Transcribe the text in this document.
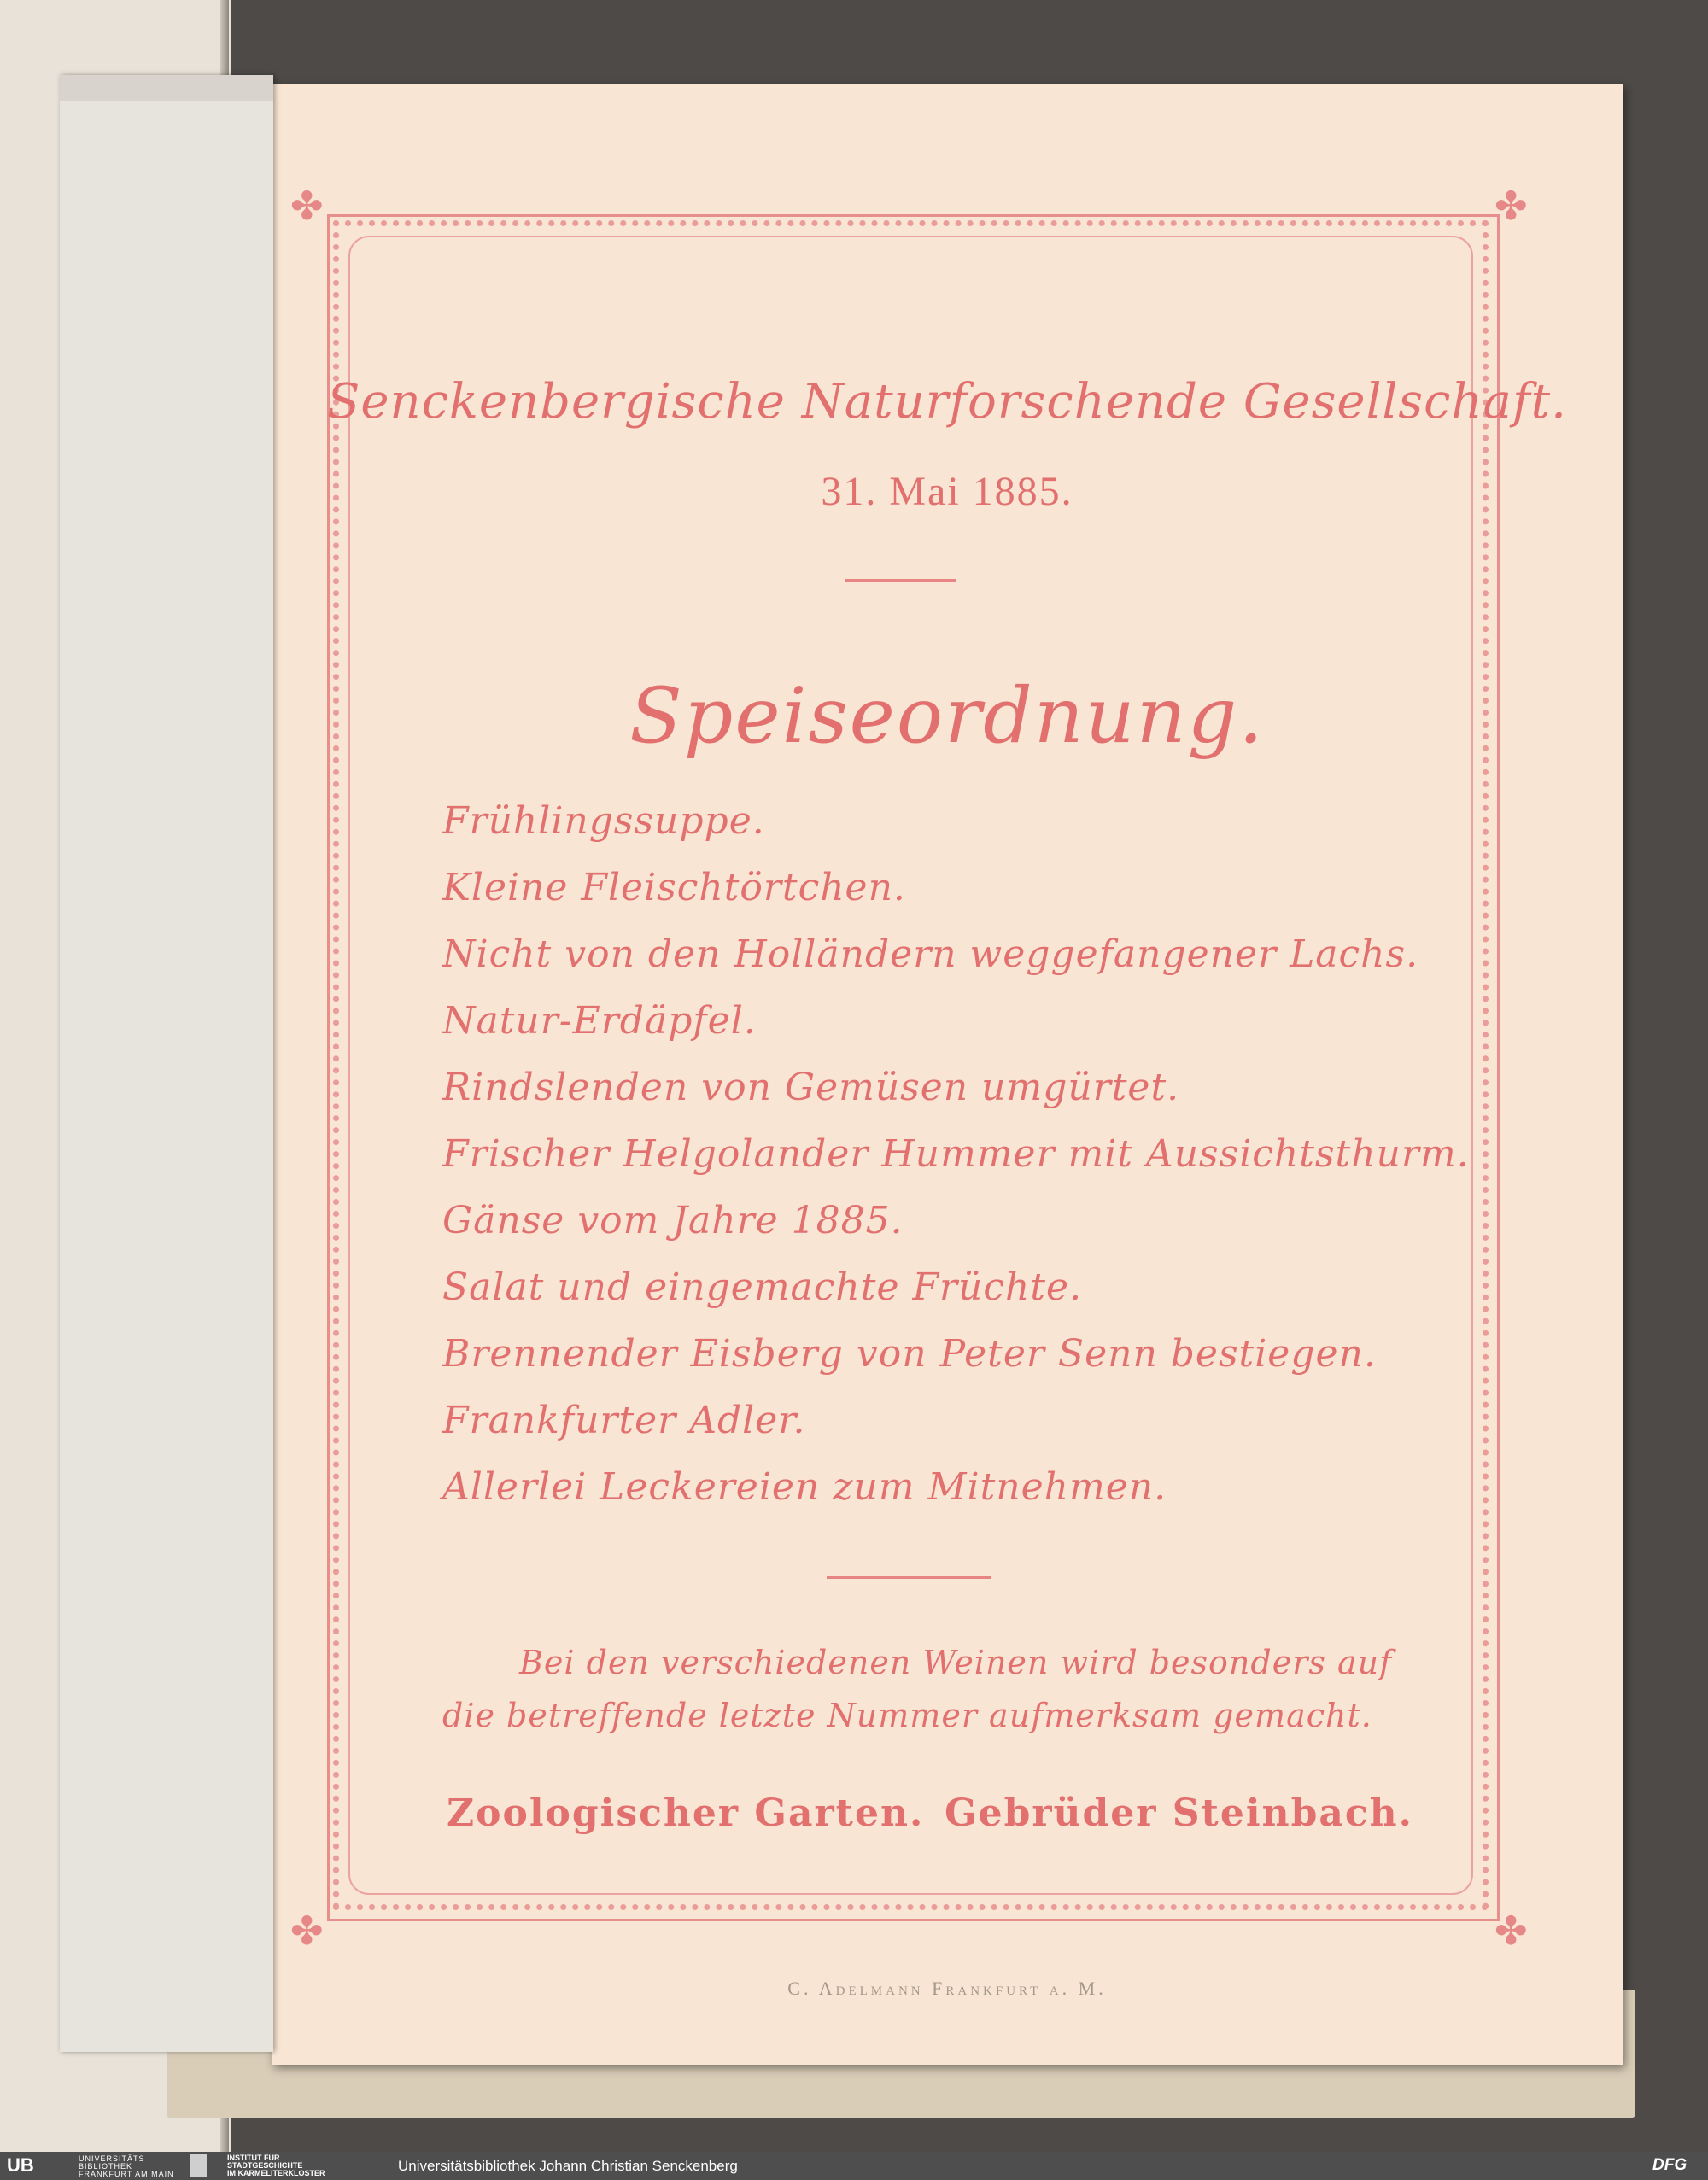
✤	✤
✤	✤
Senckenbergische Naturforschende Gesellschaft.
31. Mai 1885.
Speiseordnung.
Frühlingssuppe.
Kleine Fleischtörtchen.
Nicht von den Holländern weggefangener Lachs.
Natur-Erdäpfel.
Rindslenden von Gemüsen umgürtet.
Frischer Helgolander Hummer mit Aussichtsthurm.
Gänse vom Jahre 1885.
Salat und eingemachte Früchte.
Brennender Eisberg von Peter Senn bestiegen.
Frankfurter Adler.
Allerlei Leckereien zum Mitnehmen.
Bei den verschiedenen Weinen wird besonders auf
die betreffende letzte Nummer aufmerksam gemacht.
Zoologischer Garten. Gebrüder Steinbach.
C. Adelmann Frankfurt a. M.
UB	UNIVERSITÄTS
BIBLIOTHEK
FRANKFURT AM MAIN
INSTITUT FÜR
STADTGESCHICHTE
IM KARMELITERKLOSTER	Universitätsbibliothek Johann Christian Senckenberg	DFG
